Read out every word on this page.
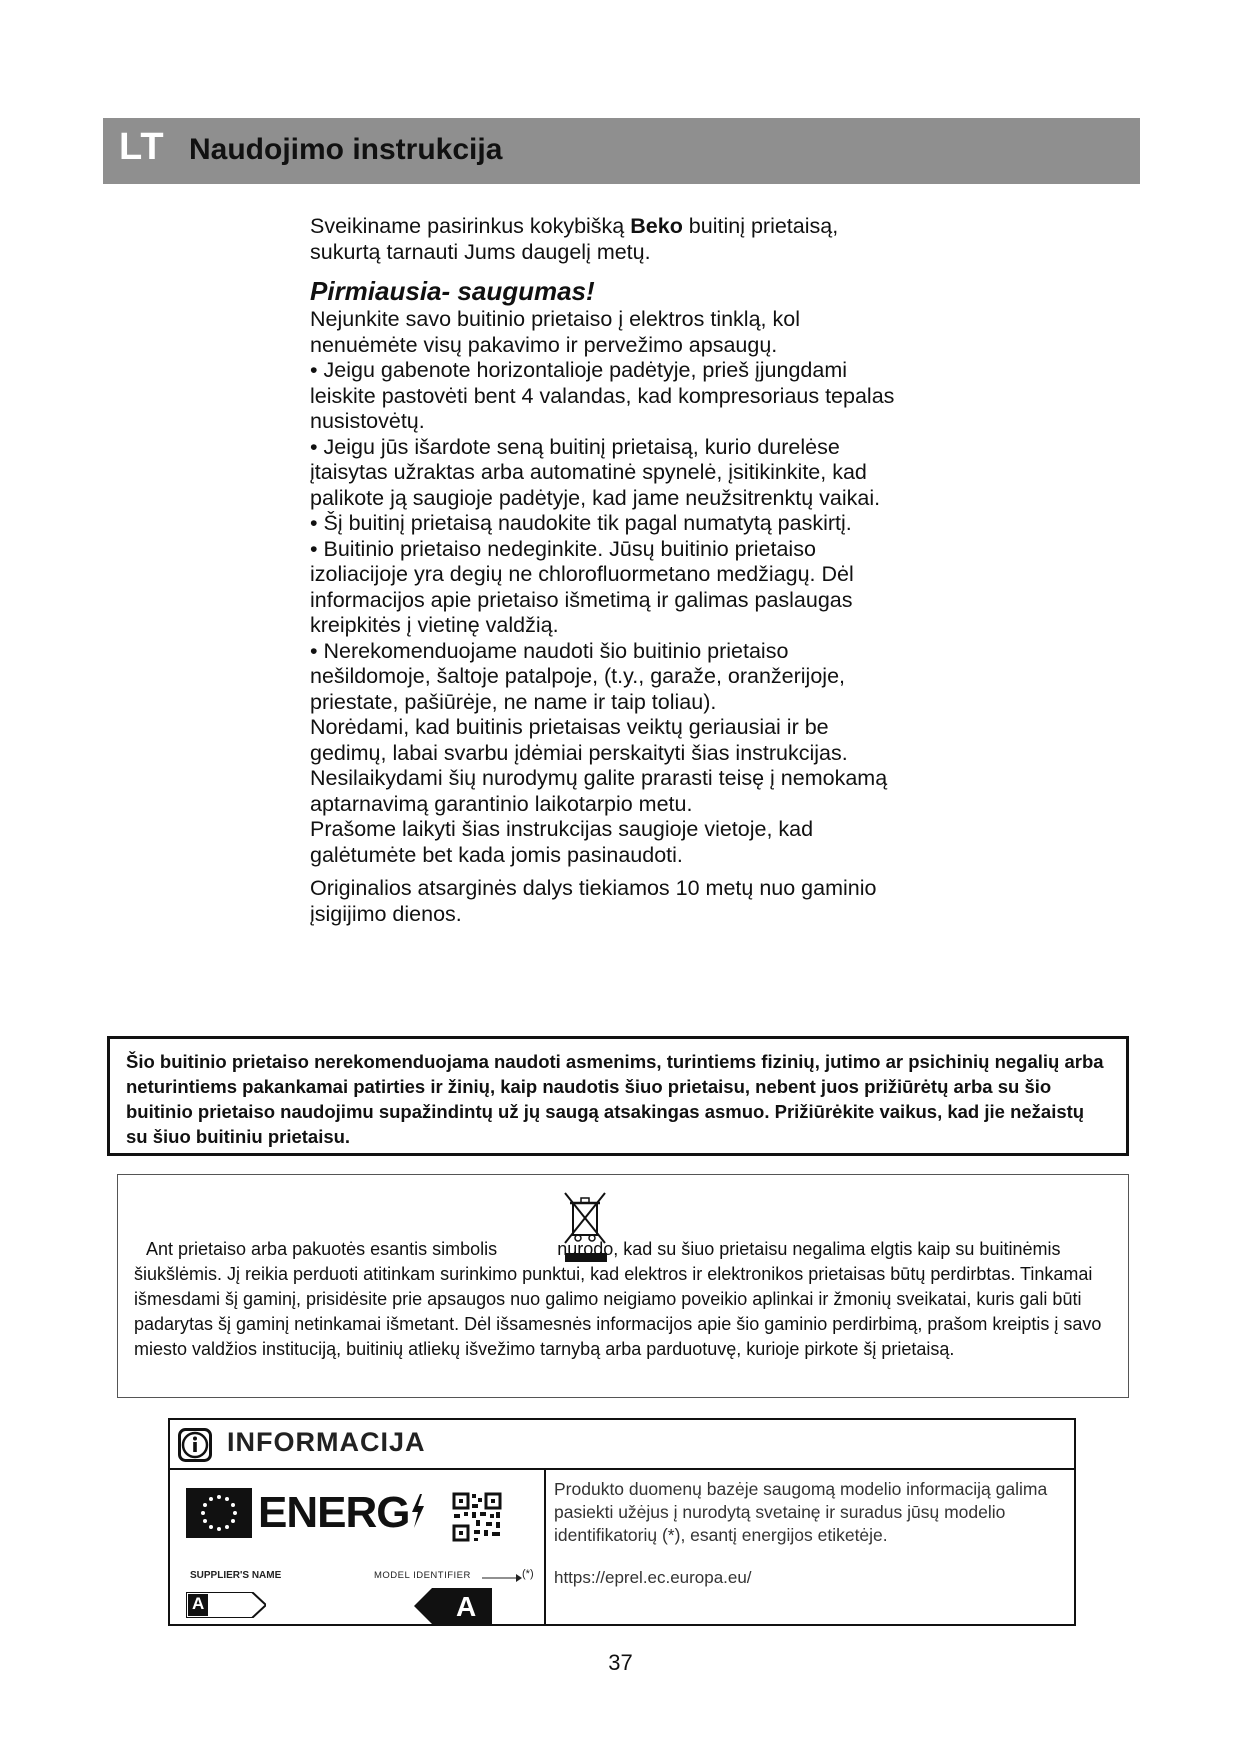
LT Naudojimo instrukcija

Sveikiname pasirinkus kokybišką Beko buitinį prietaisą, sukurtą tarnauti Jums daugelį metų.

Pirmiausia- saugumas!

Nejunkite savo buitinio prietaiso į elektros tinklą, kol nenuėmėte visų pakavimo ir pervežimo apsaugų.

• Jeigu gabenote horizontalioje padėtyje, prieš įjungdami leiskite pastovėti bent 4 valandas, kad kompresoriaus tepalas nusistovėtų.

• Jeigu jūs išardote seną buitinį prietaisą, kurio durelėse įtaisytas užraktas arba automatinė spynelė, įsitikinkite, kad palikote ją saugioje padėtyje, kad jame neužsitrenktų vaikai.

• Šį buitinį prietaisą naudokite tik pagal numatytą paskirtį.

• Buitinio prietaiso nedeginkite. Jūsų buitinio prietaiso izoliacijoje yra degių ne chlorofluormetano medžiagų. Dėl informacijos apie prietaiso išmetimą ir galimas paslaugas kreipkitės į vietinę valdžią.

• Nerekomenduojame naudoti šio buitinio prietaiso nešildomoje, šaltoje patalpoje, (t.y., garaže, oranžerijoje, priestate, pašiūrėje, ne name ir taip toliau).

Norėdami, kad buitinis prietaisas veiktų geriausiai ir be gedimų, labai svarbu įdėmiai perskaityti šias instrukcijas. Nesilaikydami šių nurodymų galite prarasti teisę į nemokamą aptarnavimą garantinio laikotarpio metu.

Prašome laikyti šias instrukcijas saugioje vietoje, kad galėtumėte bet kada jomis pasinaudoti.

Originalios atsarginės dalys tiekiamos 10 metų nuo gaminio įsigijimo dienos.

Šio buitinio prietaiso nerekomenduojama naudoti asmenims, turintiems fizinių, jutimo ar psichinių negalių arba neturintiems pakankamai patirties ir žinių, kaip naudotis šiuo prietaisu, nebent juos prižiūrėtų arba su šio buitinio prietaiso naudojimu supažindintų už jų saugą atsakingas asmuo. Prižiūrėkite vaikus, kad jie nežaistų su šiuo buitiniu prietaisu.
Ant prietaiso arba pakuotės esantis simbolis	nurodo, kad su šiuo prietaisu negalima elgtis kaip su buitinėmis šiukšlėmis. Jį reikia perduoti atitinkam surinkimo punktui, kad elektros ir elektronikos prietaisas būtų perdirbtas. Tinkamai išmesdami šį gaminį, prisidėsite prie apsaugos nuo galimo neigiamo poveikio aplinkai ir žmonių sveikatai, kuris gali būti padarytas šį gaminį netinkamai išmetant. Dėl išsamesnės informacijos apie šio gaminio perdirbimą, prašom kreiptis į savo miesto valdžios instituciją, buitinių atliekų išvežimo tarnybą arba parduotuvę, kurioje pirkote šį prietaisą.
INFORMACIJA
ENERG
SUPPLIER'S NAME	MODEL IDENTIFIER	(*)
A	A
Produkto duomenų bazėje saugomą modelio informaciją galima pasiekti užėjus į nurodytą svetainę ir suradus jūsų modelio identifikatorių (*), esantį energijos etiketėje.
https://eprel.ec.europa.eu/
37
